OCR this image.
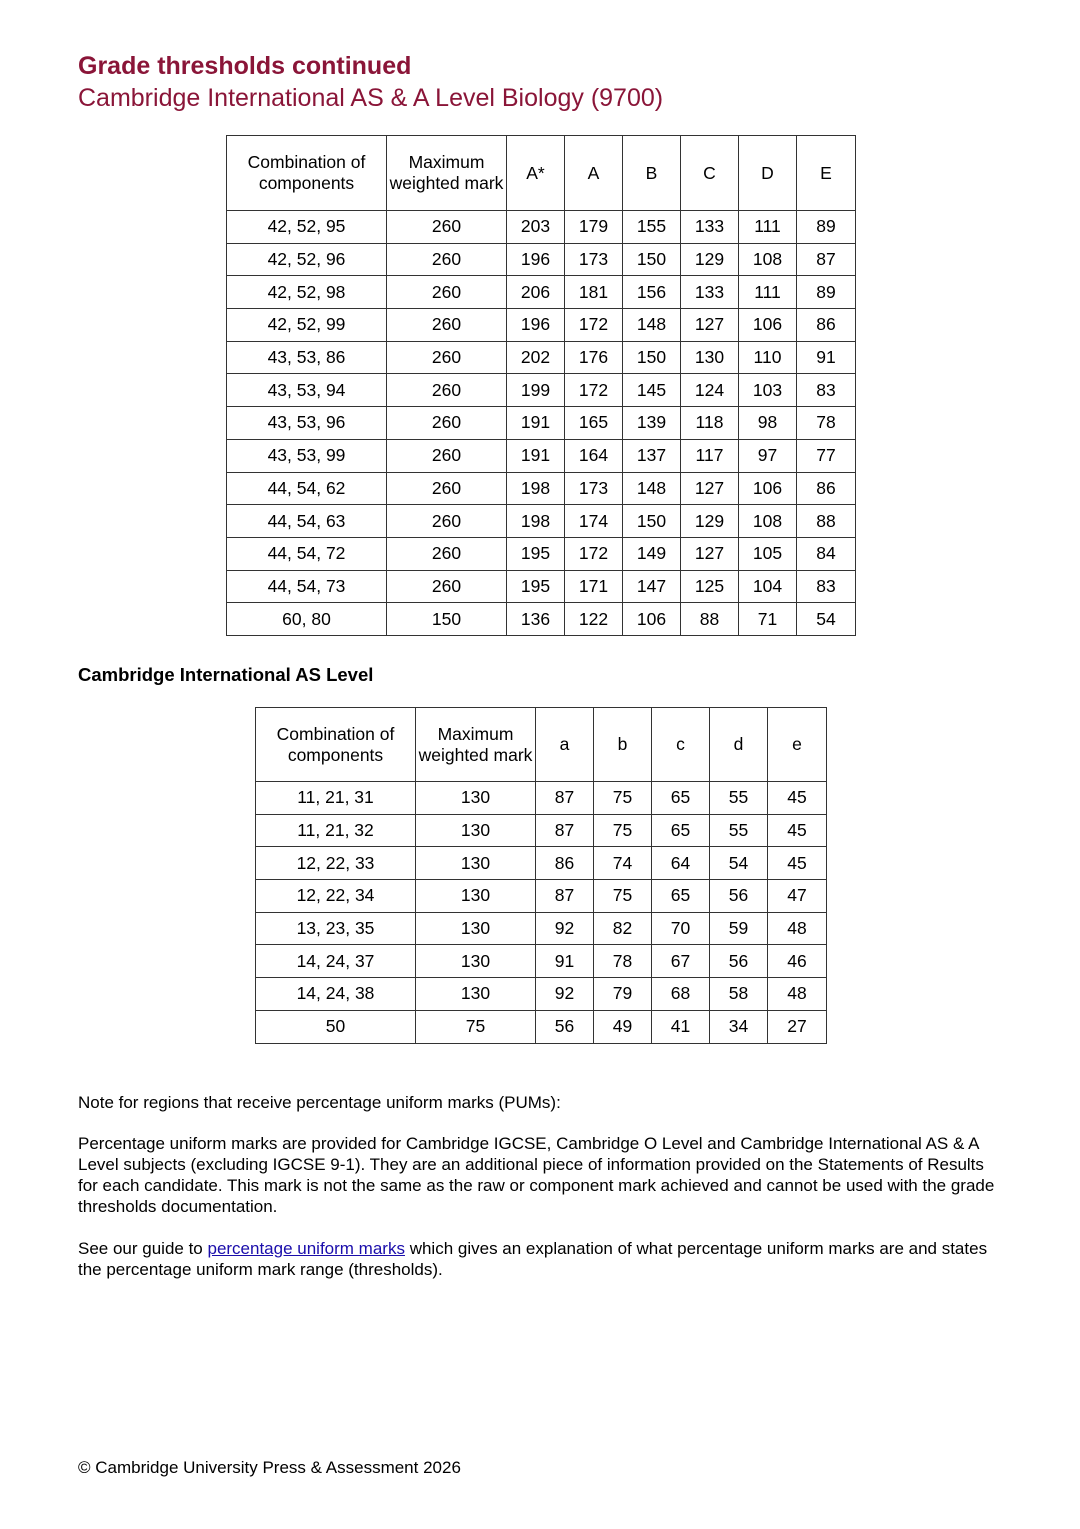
Grade thresholds continued
Cambridge International AS & A Level Biology (9700)
Combination of components	Maximum weighted mark	A*	A	B	C	D	E
42, 52, 95	260	203	179	155	133	111	89
42, 52, 96	260	196	173	150	129	108	87
42, 52, 98	260	206	181	156	133	111	89
42, 52, 99	260	196	172	148	127	106	86
43, 53, 86	260	202	176	150	130	110	91
43, 53, 94	260	199	172	145	124	103	83
43, 53, 96	260	191	165	139	118	98	78
43, 53, 99	260	191	164	137	117	97	77
44, 54, 62	260	198	173	148	127	106	86
44, 54, 63	260	198	174	150	129	108	88
44, 54, 72	260	195	172	149	127	105	84
44, 54, 73	260	195	171	147	125	104	83
60, 80	150	136	122	106	88	71	54
Cambridge International AS Level
Combination of components	Maximum weighted mark	a	b	c	d	e
11, 21, 31	130	87	75	65	55	45
11, 21, 32	130	87	75	65	55	45
12, 22, 33	130	86	74	64	54	45
12, 22, 34	130	87	75	65	56	47
13, 23, 35	130	92	82	70	59	48
14, 24, 37	130	91	78	67	56	46
14, 24, 38	130	92	79	68	58	48
50	75	56	49	41	34	27

Note for regions that receive percentage uniform marks (PUMs):

Percentage uniform marks are provided for Cambridge IGCSE, Cambridge O Level and Cambridge International AS & A Level subjects (excluding IGCSE 9-1). They are an additional piece of information provided on the Statements of Results for each candidate. This mark is not the same as the raw or component mark achieved and cannot be used with the grade thresholds documentation.

See our guide to percentage uniform marks which gives an explanation of what percentage uniform marks are and states the percentage uniform mark range (thresholds).

© Cambridge University Press & Assessment 2026
